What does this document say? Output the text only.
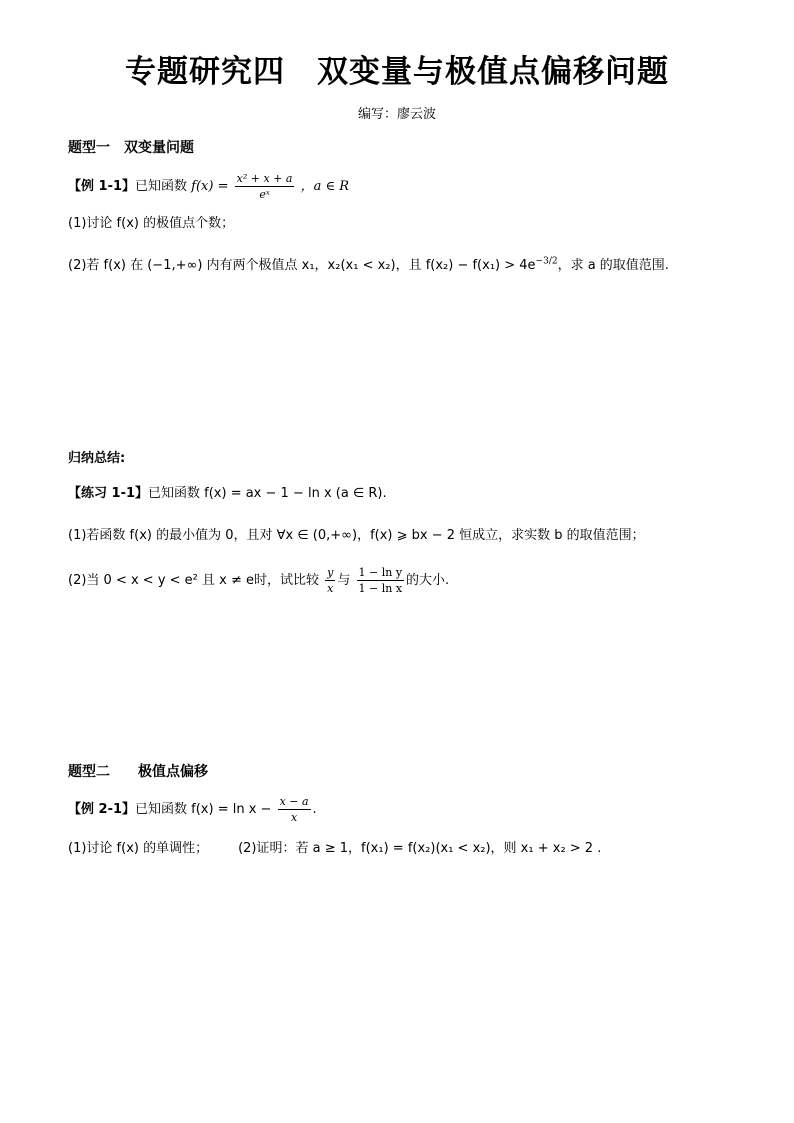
专题研究四　双变量与极值点偏移问题
编写：廖云波
题型一　双变量问题
【例 1-1】已知函数 $f(x) = \frac{\text{x² + x + a}}{\text{eˣ}}$ ，a ∈ R
(1)讨论 f(x) 的极值点个数；
(2)若 f(x) 在 (−1,+∞) 内有两个极值点 x₁，x₂(x₁ < x₂)，且 $f(x_2) - f(x_1) > 4e^{-3/2}$，求 a 的取值范围.
归纳总结:
【练习 1-1】已知函数 f(x) = ax − 1 − ln x (a ∈ R).
(1)若函数 f(x) 的最小值为 0，且对 ∀x ∈ (0,+∞)，f(x) ⩾ bx − 2 恒成立，求实数 b 的取值范围；
(2)当 0 < x < y < e² 且 x ≠ e时，试比较 $\frac{y}{x}$ 与 $\frac{\text{1 − ln y}}{\text{1 − ln x}}$ 的大小.
题型二　　极值点偏移
【例 2-1】已知函数 $f(x) = \ln x - \frac{x - a}{x}$ .
(1)讨论 f(x) 的单调性； (2)证明：若 a ≥ 1，f(x₁) = f(x₂)(x₁ < x₂)，则 x₁ + x₂ > 2 .
